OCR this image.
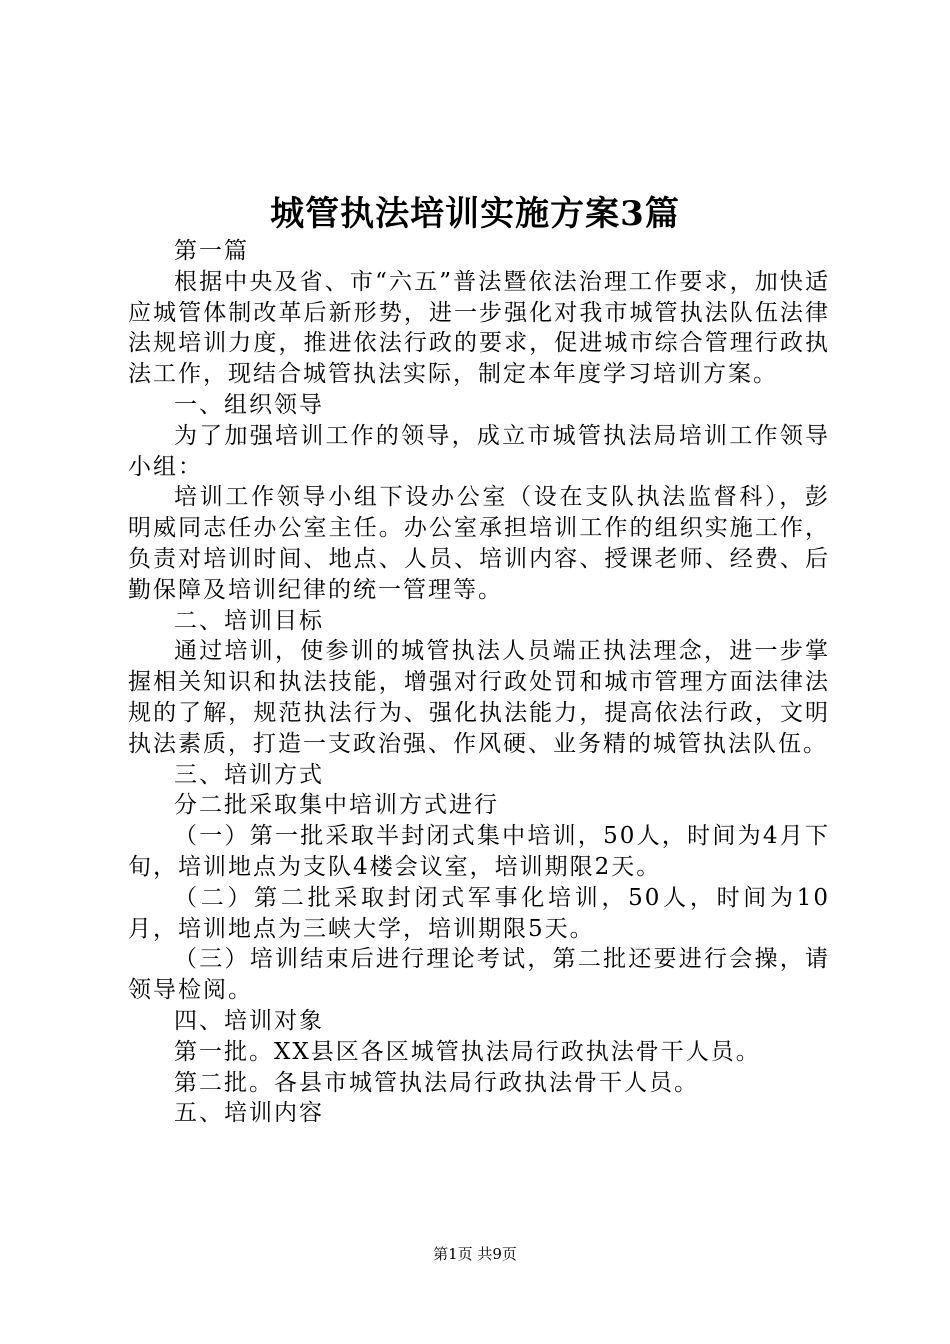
城管执法培训实施方案3篇

第一篇

根据中央及省、市“六五”普法暨依法治理工作要求，加快适应城管体制改革后新形势，进一步强化对我市城管执法队伍法律法规培训力度，推进依法行政的要求，促进城市综合管理行政执法工作，现结合城管执法实际，制定本年度学习培训方案。

一、组织领导

为了加强培训工作的领导，成立市城管执法局培训工作领导小组：

培训工作领导小组下设办公室（设在支队执法监督科），彭明威同志任办公室主任。办公室承担培训工作的组织实施工作，负责对培训时间、地点、人员、培训内容、授课老师、经费、后勤保障及培训纪律的统一管理等。

二、培训目标

通过培训，使参训的城管执法人员端正执法理念，进一步掌握相关知识和执法技能，增强对行政处罚和城市管理方面法律法规的了解，规范执法行为、强化执法能力，提高依法行政，文明执法素质，打造一支政治强、作风硬、业务精的城管执法队伍。

三、培训方式

分二批采取集中培训方式进行

（一）第一批采取半封闭式集中培训，50人，时间为4月下旬，培训地点为支队4楼会议室，培训期限2天。

（二）第二批采取封闭式军事化培训，50人，时间为10月，培训地点为三峡大学，培训期限5天。

（三）培训结束后进行理论考试，第二批还要进行会操，请领导检阅。

四、培训对象

第一批。XX县区各区城管执法局行政执法骨干人员。

第二批。各县市城管执法局行政执法骨干人员。

五、培训内容

第1页 共9页
